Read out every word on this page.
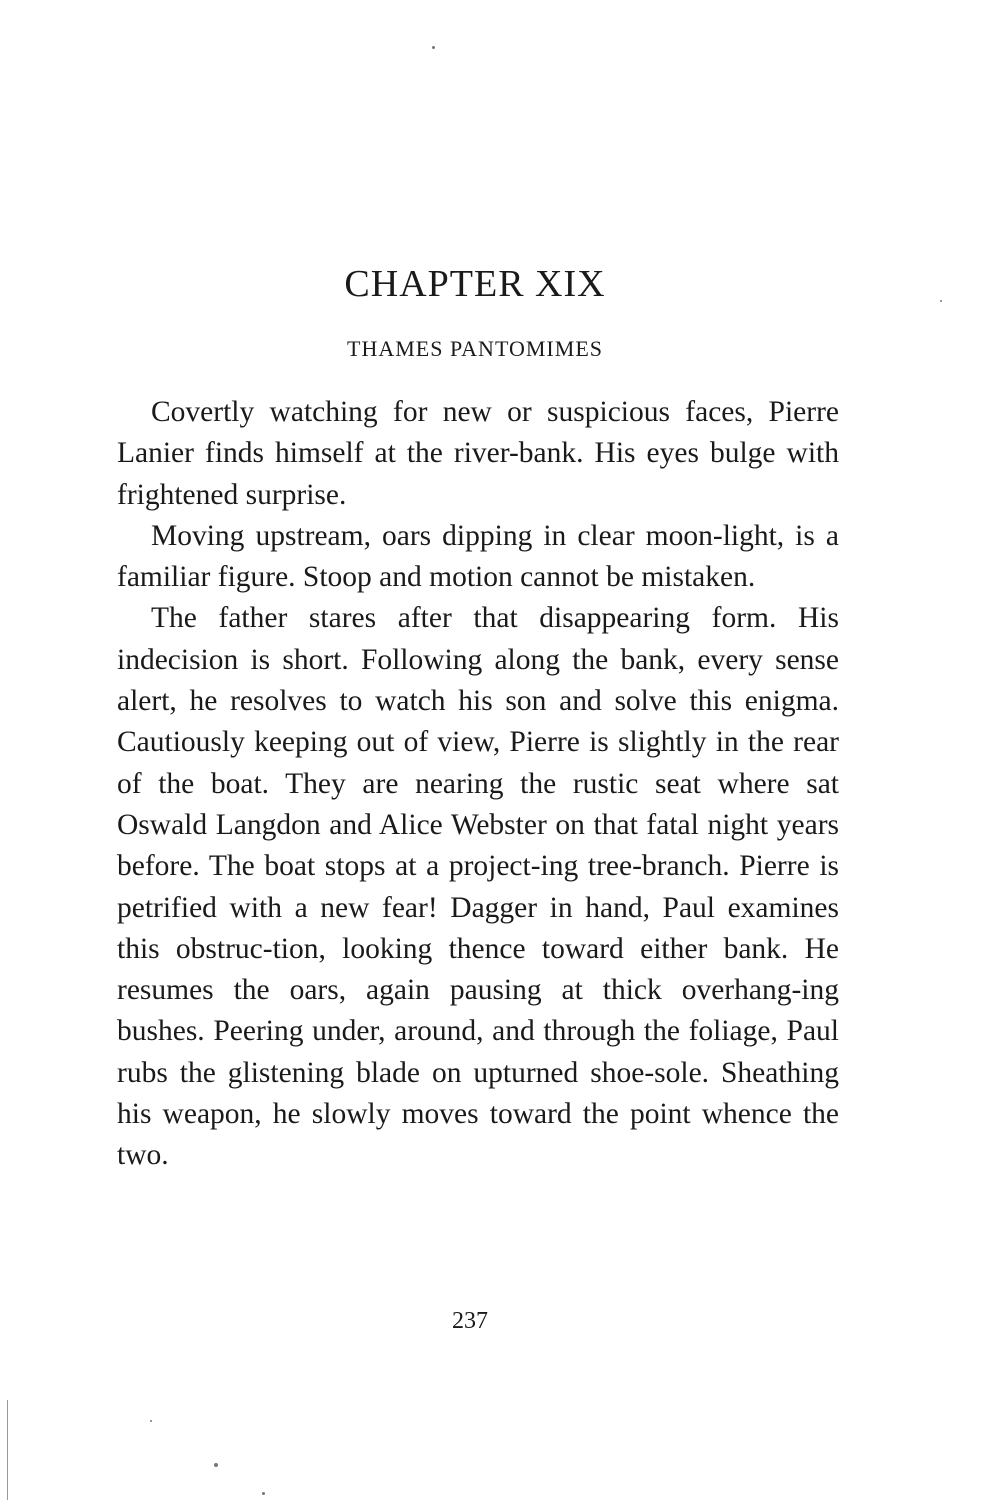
CHAPTER XIX
THAMES PANTOMIMES

Covertly watching for new or suspicious faces, Pierre Lanier finds himself at the river-bank. His eyes bulge with frightened surprise.

Moving upstream, oars dipping in clear moon-light, is a familiar figure. Stoop and motion cannot be mistaken.

The father stares after that disappearing form. His indecision is short. Following along the bank, every sense alert, he resolves to watch his son and solve this enigma. Cautiously keeping out of view, Pierre is slightly in the rear of the boat. They are nearing the rustic seat where sat Oswald Langdon and Alice Webster on that fatal night years before. The boat stops at a project-ing tree-branch. Pierre is petrified with a new fear! Dagger in hand, Paul examines this obstruc-tion, looking thence toward either bank. He resumes the oars, again pausing at thick overhang-ing bushes. Peering under, around, and through the foliage, Paul rubs the glistening blade on upturned shoe-sole. Sheathing his weapon, he slowly moves toward the point whence the two.

237
